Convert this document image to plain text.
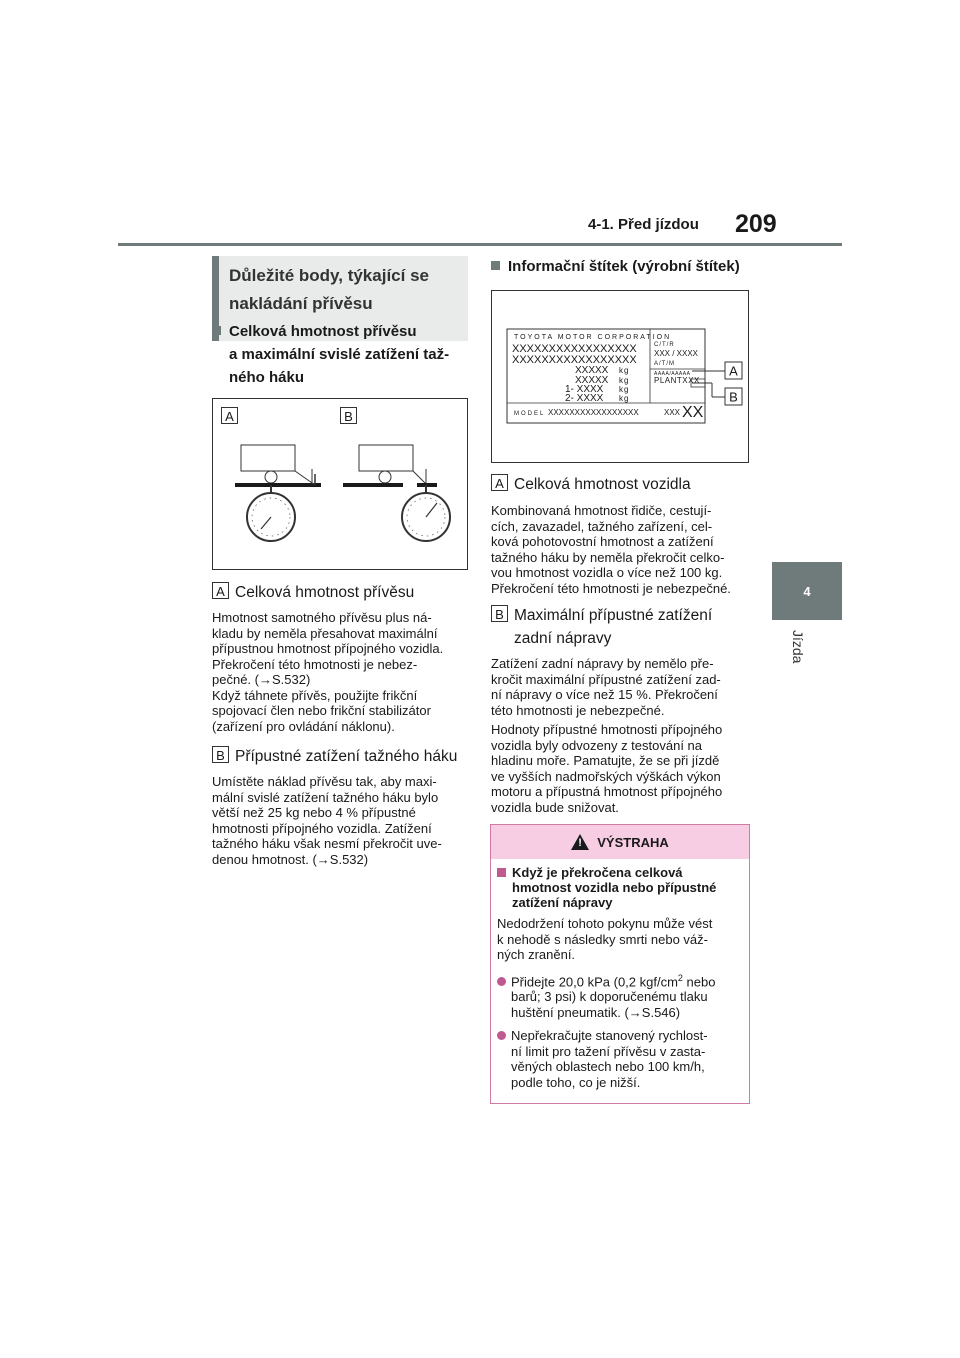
4-1. Před jízdou 209
4
Jízda
Důležité body, týkající se
nakládání přívěsu
Celková hmotnost přívěsu
a maximální svislé zatížení taž-
ného háku
A	B
A Celková hmotnost přívěsu
Hmotnost samotného přívěsu plus ná-
kladu by neměla přesahovat maximální
přípustnou hmotnost přípojného vozidla.
Překročení této hmotnosti je nebez-
pečné. (→S.532)
Když táhnete přívěs, použijte frikční
spojovací člen nebo frikční stabilizátor
(zařízení pro ovládání náklonu).
B Přípustné zatížení tažného háku
Umístěte náklad přívěsu tak, aby maxi-
mální svislé zatížení tažného háku bylo
větší než 25 kg nebo 4 % přípustné
hmotnosti přípojného vozidla. Zatížení
tažného háku však nesmí překročit uve-
denou hmotnost. (→S.532)
Informační štítek (výrobní štítek)
A
B
TOYOTA MOTOR CORPORATION
XXXXXXXXXXXXXXXXX
XXXXXXXXXXXXXXXXX
XXXXX
XXXXX
1- XXXX
2- XXXX
kg
kg
kg
kg
C/T/R
XXX / XXXX
A/T/M
AAAA/AAAAA
PLANTXXX
MODEL XXXXXXXXXXXXXXXXX	XXX XX
A Celková hmotnost vozidla
Kombinovaná hmotnost řidiče, cestují-
cích, zavazadel, tažného zařízení, cel-
ková pohotovostní hmotnost a zatížení
tažného háku by neměla překročit celko-
vou hmotnost vozidla o více než 100 kg.
Překročení této hmotnosti je nebezpečné.
B Maximální přípustné zatížení
zadní nápravy
Zatížení zadní nápravy by nemělo pře-
kročit maximální přípustné zatížení zad-
ní nápravy o více než 15 %. Překročení
této hmotnosti je nebezpečné.
Hodnoty přípustné hmotnosti přípojného
vozidla byly odvozeny z testování na
hladinu moře. Pamatujte, že se při jízdě
ve vyšších nadmořských výškách výkon
motoru a přípustná hmotnost přípojného
vozidla bude snižovat.
!
VÝSTRAHA
Když je překročena celková
hmotnost vozidla nebo přípustné
zatížení nápravy
Nedodržení tohoto pokynu může vést
k nehodě s následky smrti nebo váž-
ných zranění.
Přidejte 20,0 kPa (0,2 kgf/$cm^2$ nebo
barů; 3 psi) k doporučenému tlaku
huštění pneumatik. (→S.546)
Nepřekračujte stanovený rychlost-
ní limit pro tažení přívěsu v zasta-
věných oblastech nebo 100 km/h,
podle toho, co je nižší.
